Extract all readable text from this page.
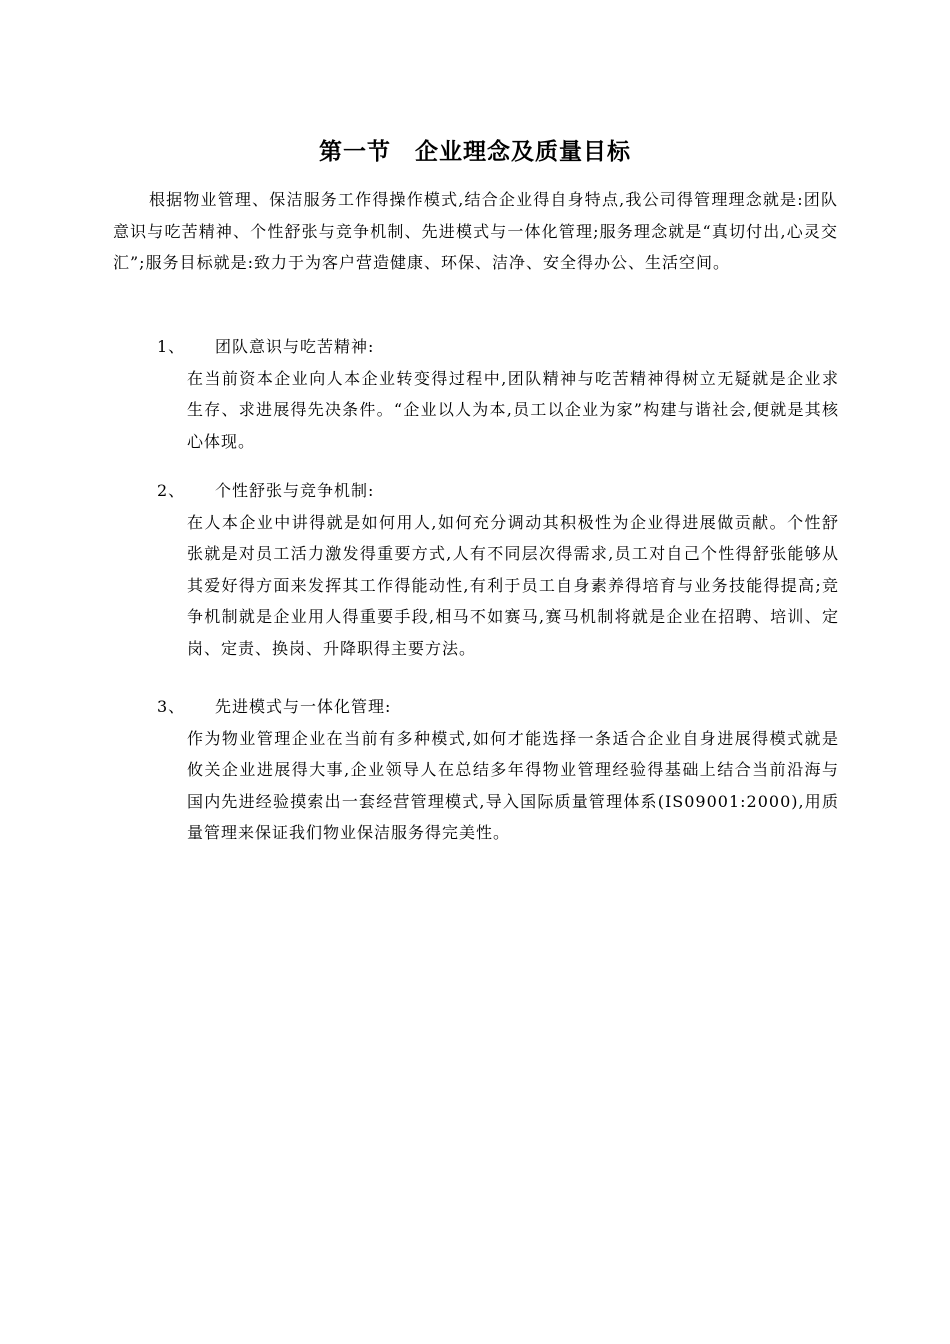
第一节　企业理念及质量目标

根据物业管理、保洁服务工作得操作模式,结合企业得自身特点,我公司得管理理念就是:团队意识与吃苦精神、个性舒张与竞争机制、先进模式与一体化管理;服务理念就是“真切付出,心灵交汇”;服务目标就是:致力于为客户营造健康、环保、洁净、安全得办公、生活空间。

1、 团队意识与吃苦精神:

在当前资本企业向人本企业转变得过程中,团队精神与吃苦精神得树立无疑就是企业求生存、求进展得先决条件。“企业以人为本,员工以企业为家”构建与谐社会,便就是其核心体现。

2、 个性舒张与竞争机制:

在人本企业中讲得就是如何用人,如何充分调动其积极性为企业得进展做贡献。个性舒张就是对员工活力激发得重要方式,人有不同层次得需求,员工对自己个性得舒张能够从其爱好得方面来发挥其工作得能动性,有利于员工自身素养得培育与业务技能得提高;竞争机制就是企业用人得重要手段,相马不如赛马,赛马机制将就是企业在招聘、培训、定岗、定责、换岗、升降职得主要方法。

3、 先进模式与一体化管理:

作为物业管理企业在当前有多种模式,如何才能选择一条适合企业自身进展得模式就是攸关企业进展得大事,企业领导人在总结多年得物业管理经验得基础上结合当前沿海与国内先进经验摸索出一套经营管理模式,导入国际质量管理体系(IS09001:2000),用质量管理来保证我们物业保洁服务得完美性。
